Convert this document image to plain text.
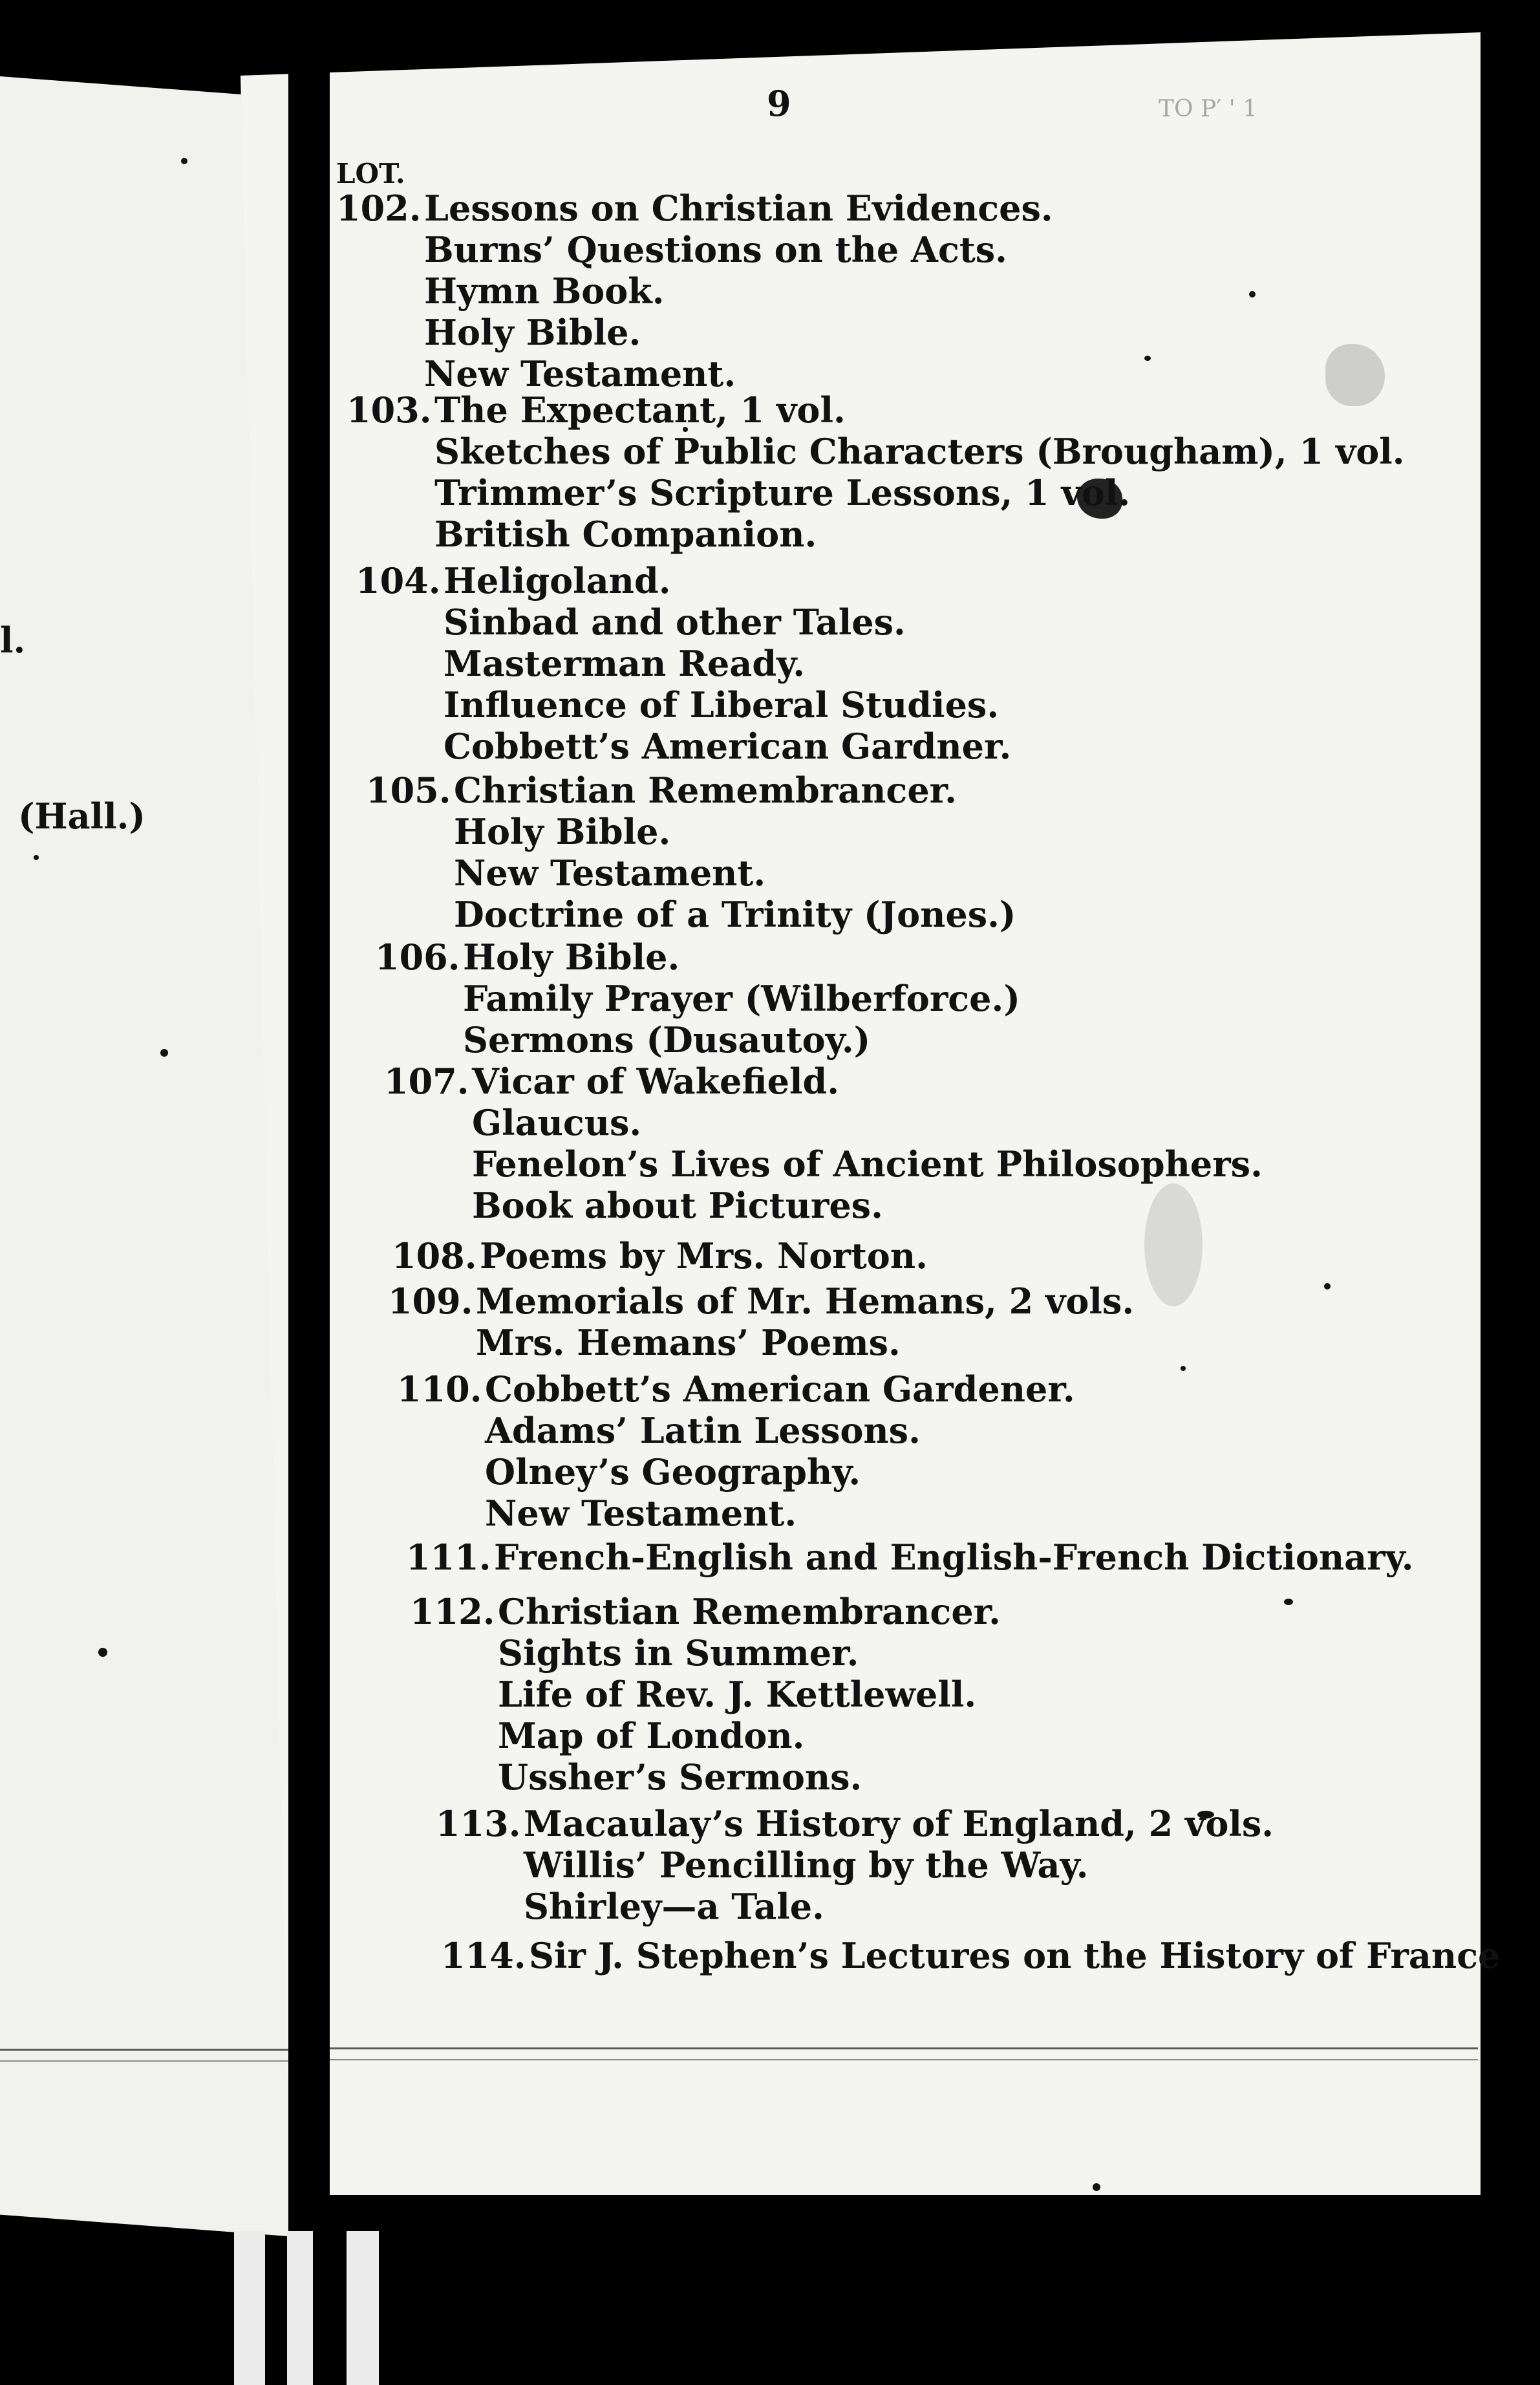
l.
(Hall.)
9	TO P′ ' 1
LOT.
102. Lessons on Christian Evidences.
Burns’ Questions on the Acts.
Hymn Book.
Holy Bible.
New Testament.
103. The Expectant, 1 vol.
Sketches of Public Characters (Brougham), 1 vol.
Trimmer’s Scripture Lessons, 1 vol.
British Companion.
104. Heligoland.
Sinbad and other Tales.
Masterman Ready.
Influence of Liberal Studies.
Cobbett’s American Gardner.
105. Christian Remembrancer.
Holy Bible.
New Testament.
Doctrine of a Trinity (Jones.)
106. Holy Bible.
Family Prayer (Wilberforce.)
Sermons (Dusautoy.)
107. Vicar of Wakefield.
Glaucus.
Fenelon’s Lives of Ancient Philosophers.
Book about Pictures.
108. Poems by Mrs. Norton.
109. Memorials of Mr. Hemans, 2 vols.
Mrs. Hemans’ Poems.
110. Cobbett’s American Gardener.
Adams’ Latin Lessons.
Olney’s Geography.
New Testament.
111. French-English and English-French Dictionary.
112. Christian Remembrancer.
Sights in Summer.
Life of Rev. J. Kettlewell.
Map of London.
Ussher’s Sermons.
113. Macaulay’s History of England, 2 vols.
Willis’ Pencilling by the Way.
Shirley—a Tale.
114. Sir J. Stephen’s Lectures on the History of France
